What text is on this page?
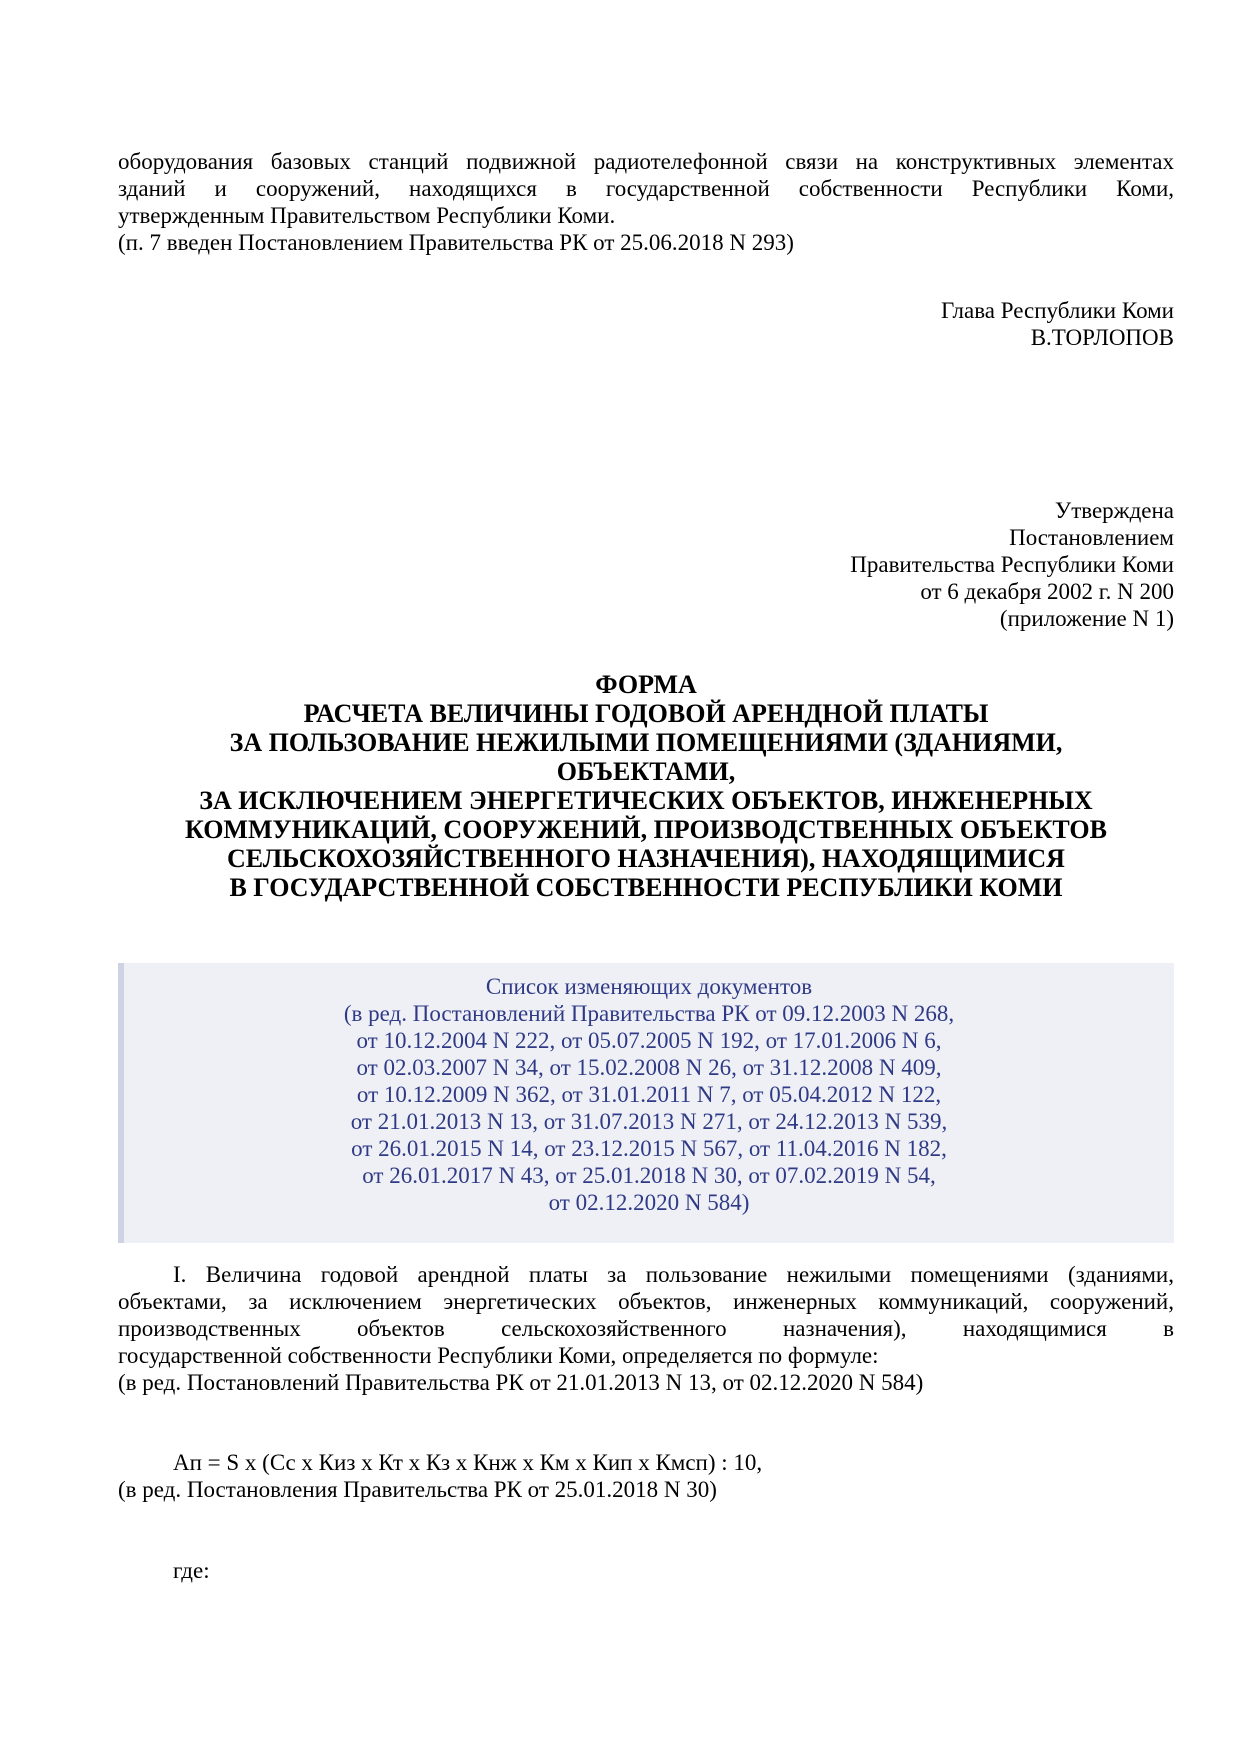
оборудования базовых станций подвижной радиотелефонной связи на конструктивных элементах
зданий и сооружений, находящихся в государственной собственности Республики Коми,
утвержденным Правительством Республики Коми.
(п. 7 введен Постановлением Правительства РК от 25.06.2018 N 293)
Глава Республики Коми
В.ТОРЛОПОВ
Утверждена
Постановлением
Правительства Республики Коми
от 6 декабря 2002 г. N 200
(приложение N 1)
ФОРМА
РАСЧЕТА ВЕЛИЧИНЫ ГОДОВОЙ АРЕНДНОЙ ПЛАТЫ
ЗА ПОЛЬЗОВАНИЕ НЕЖИЛЫМИ ПОМЕЩЕНИЯМИ (ЗДАНИЯМИ,
ОБЪЕКТАМИ,
ЗА ИСКЛЮЧЕНИЕМ ЭНЕРГЕТИЧЕСКИХ ОБЪЕКТОВ, ИНЖЕНЕРНЫХ
КОММУНИКАЦИЙ, СООРУЖЕНИЙ, ПРОИЗВОДСТВЕННЫХ ОБЪЕКТОВ
СЕЛЬСКОХОЗЯЙСТВЕННОГО НАЗНАЧЕНИЯ), НАХОДЯЩИМИСЯ
В ГОСУДАРСТВЕННОЙ СОБСТВЕННОСТИ РЕСПУБЛИКИ КОМИ
Список изменяющих документов
(в ред. Постановлений Правительства РК от 09.12.2003 N 268,
от 10.12.2004 N 222, от 05.07.2005 N 192, от 17.01.2006 N 6,
от 02.03.2007 N 34, от 15.02.2008 N 26, от 31.12.2008 N 409,
от 10.12.2009 N 362, от 31.01.2011 N 7, от 05.04.2012 N 122,
от 21.01.2013 N 13, от 31.07.2013 N 271, от 24.12.2013 N 539,
от 26.01.2015 N 14, от 23.12.2015 N 567, от 11.04.2016 N 182,
от 26.01.2017 N 43, от 25.01.2018 N 30, от 07.02.2019 N 54,
от 02.12.2020 N 584)
I. Величина годовой арендной платы за пользование нежилыми помещениями (зданиями,
объектами, за исключением энергетических объектов, инженерных коммуникаций, сооружений,
производственных объектов сельскохозяйственного назначения), находящимися в
государственной собственности Республики Коми, определяется по формуле:
(в ред. Постановлений Правительства РК от 21.01.2013 N 13, от 02.12.2020 N 584)
Ап = S x (Сс x Киз x Кт x Кз x Кнж x Км x Кип x Кмсп) : 10,
(в ред. Постановления Правительства РК от 25.01.2018 N 30)
где:
